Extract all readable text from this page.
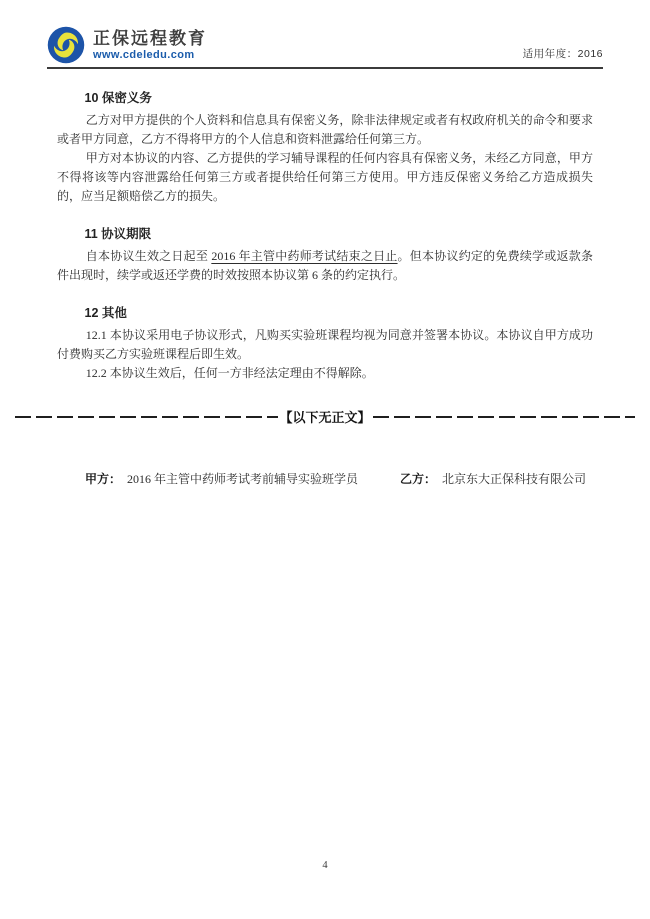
正保远程教育
www.cdeledu.com	适用年度：2016

10 保密义务

乙方对甲方提供的个人资料和信息具有保密义务，除非法律规定或者有权政府机关的命令和要求或者甲方同意，乙方不得将甲方的个人信息和资料泄露给任何第三方。

甲方对本协议的内容、乙方提供的学习辅导课程的任何内容具有保密义务，未经乙方同意，甲方不得将该等内容泄露给任何第三方或者提供给任何第三方使用。甲方违反保密义务给乙方造成损失的，应当足额赔偿乙方的损失。

11 协议期限

自本协议生效之日起至 2016 年主管中药师考试结束之日止。但本协议约定的免费续学或返款条件出现时，续学或返还学费的时效按照本协议第 6 条的约定执行。

12 其他

12.1 本协议采用电子协议形式，凡购买实验班课程均视为同意并签署本协议。本协议自甲方成功付费购买乙方实验班课程后即生效。

12.2 本协议生效后，任何一方非经法定理由不得解除。

【以下无正文】
甲方： 2016 年主管中药师考试考前辅导实验班学员	乙方： 北京东大正保科技有限公司
4
